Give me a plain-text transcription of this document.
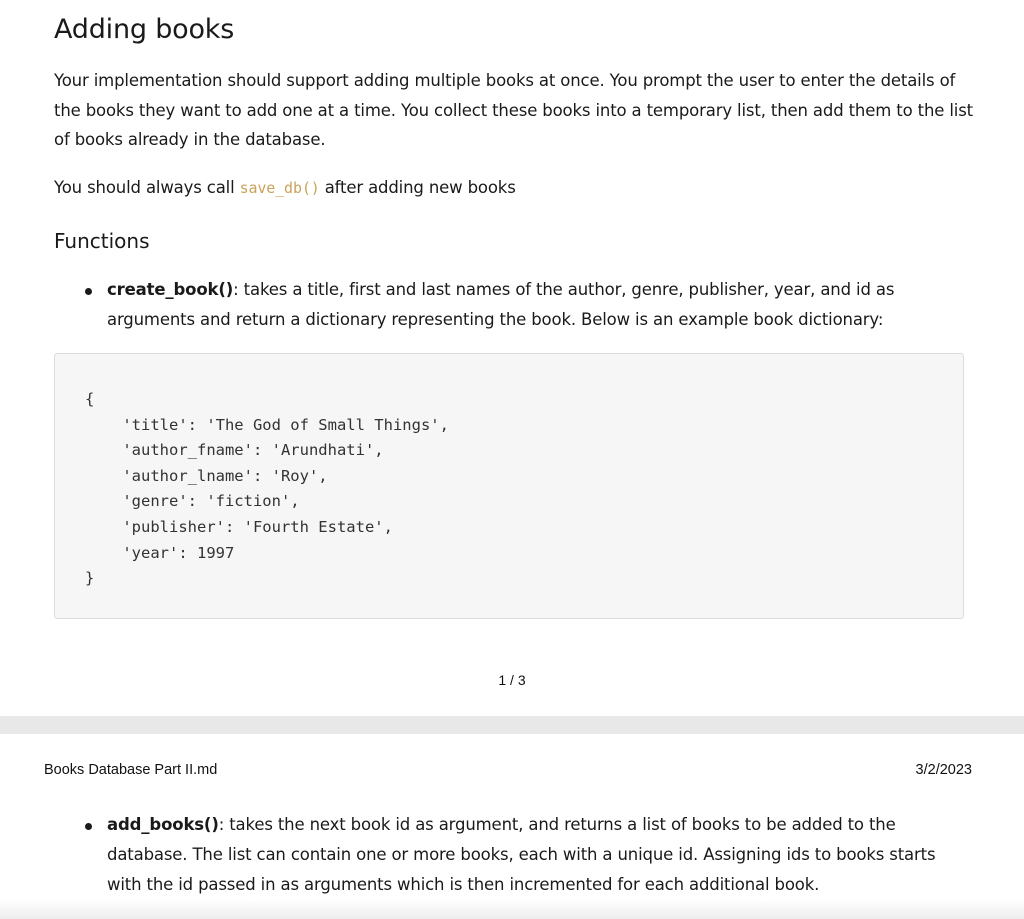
Adding books

Your implementation should support adding multiple books at once. You prompt the user to enter the details of the books they want to add one at a time. You collect these books into a temporary list, then add them to the list of books already in the database.

You should always call save_db() after adding new books

Functions
create_book(): takes a title, first and last names of the author, genre, publisher, year, and id as arguments and return a dictionary representing the book. Below is an example book dictionary:
{
'title': 'The God of Small Things',
'author_fname': 'Arundhati',
'author_lname': 'Roy',
'genre': 'fiction',
'publisher': 'Fourth Estate',
'year': 1997
}
1 / 3
Books Database Part II.md	3/2/2023
add_books(): takes the next book id as argument, and returns a list of books to be added to the database. The list can contain one or more books, each with a unique id. Assigning ids to books starts with the id passed in as arguments which is then incremented for each additional book.
